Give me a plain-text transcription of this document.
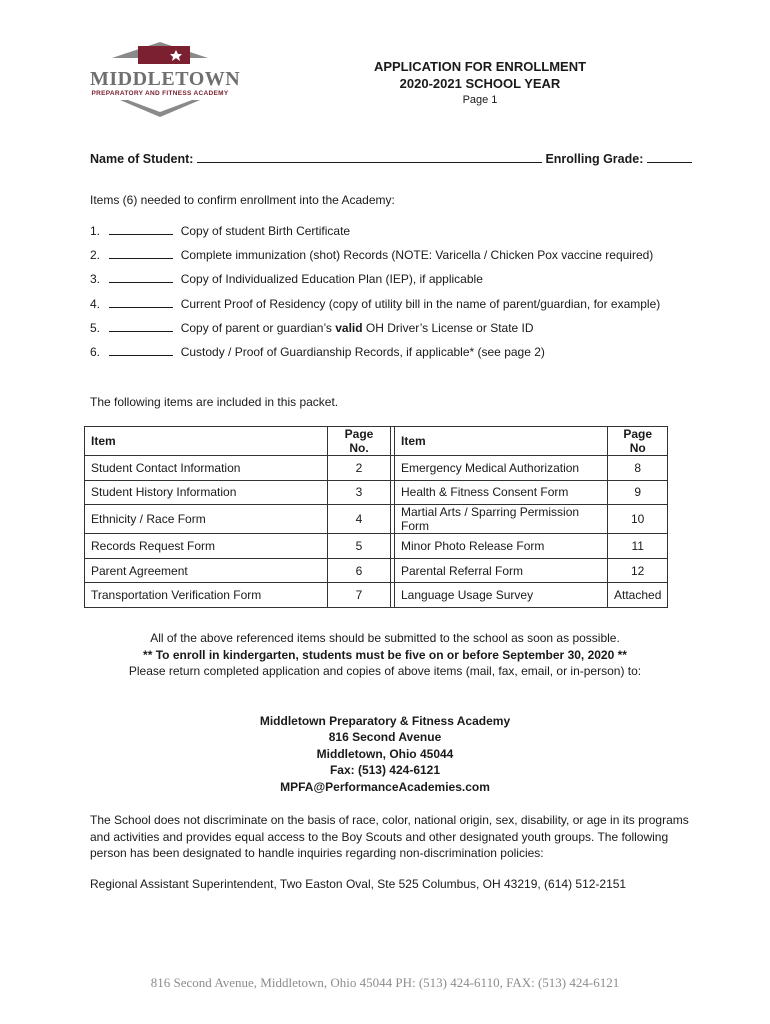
MIDDLETOWN
PREPARATORY AND FITNESS ACADEMY
APPLICATION FOR ENROLLMENT
2020-2021 SCHOOL YEAR
Page 1
Name of Student:	Enrolling Grade:
Items (6) needed to confirm enrollment into the Academy:
1.	Copy of student Birth Certificate
2.	Complete immunization (shot) Records (NOTE: Varicella / Chicken Pox vaccine required)
3.	Copy of Individualized Education Plan (IEP), if applicable
4.	Current Proof of Residency (copy of utility bill in the name of parent/guardian, for example)
5.	Copy of parent or guardian’s valid OH Driver’s License or State ID
6.	Custody / Proof of Guardianship Records, if applicable* (see page 2)
The following items are included in this packet.
Item	Page No.		Item	Page No
Student Contact Information	2		Emergency Medical Authorization	8
Student History Information	3		Health & Fitness Consent Form	9
Ethnicity / Race Form	4		Martial Arts / Sparring Permission Form	10
Records Request Form	5		Minor Photo Release Form	11
Parent Agreement	6		Parental Referral Form	12
Transportation Verification Form	7		Language Usage Survey	Attached
All of the above referenced items should be submitted to the school as soon as possible.
** To enroll in kindergarten, students must be five on or before September 30, 2020 **
Please return completed application and copies of above items (mail, fax, email, or in-person) to:
Middletown Preparatory & Fitness Academy
816 Second Avenue
Middletown, Ohio 45044
Fax: (513) 424-6121
MPFA@PerformanceAcademies.com
The School does not discriminate on the basis of race, color, national origin, sex, disability, or age in its programs and activities and provides equal access to the Boy Scouts and other designated youth groups. The following person has been designated to handle inquiries regarding non-discrimination policies:
Regional Assistant Superintendent, Two Easton Oval, Ste 525 Columbus, OH 43219, (614) 512-2151
816 Second Avenue, Middletown, Ohio 45044 PH: (513) 424-6110, FAX: (513) 424-6121
